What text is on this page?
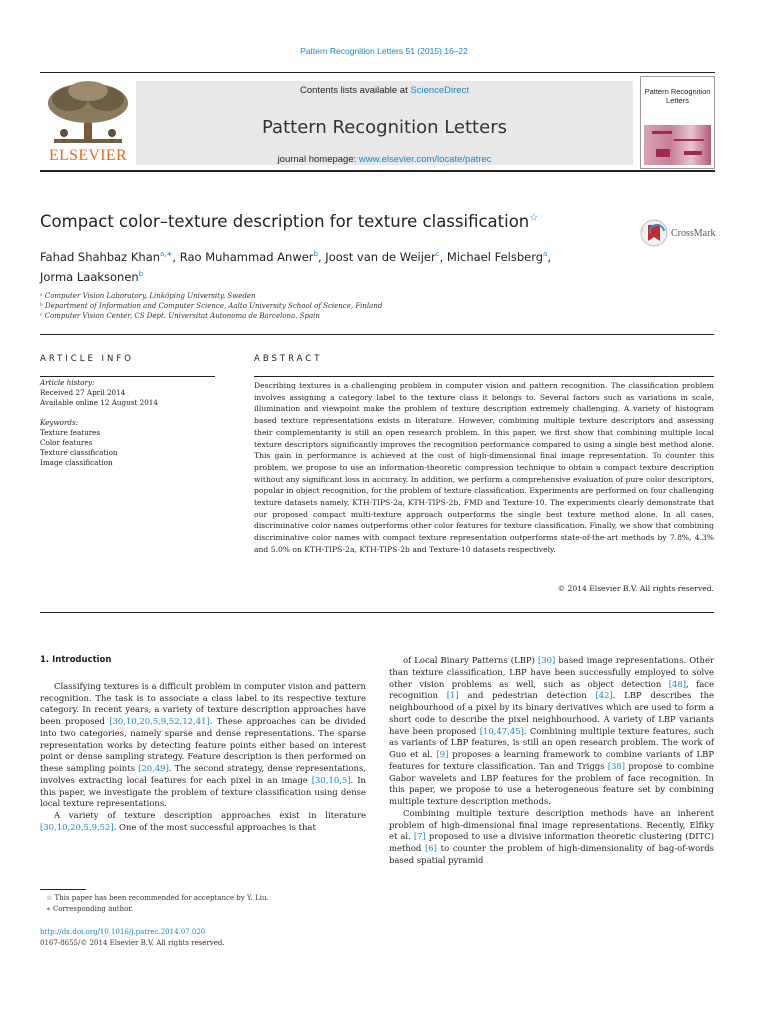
Pattern Recognition Letters 51 (2015) 16–22
ELSEVIER
Contents lists available at ScienceDirect
Pattern Recognition Letters
journal homepage: www.elsevier.com/locate/patrec
Pattern Recognition Letters
Compact color–texture description for texture classification☆
CrossMark
Fahad Shahbaz Khan$^{a,∗}$, Rao Muhammad Anwer$^b$, Joost van de Weijer$^c$, Michael Felsberg$^a$,
Jorma Laaksonen$^b$
ᵃ Computer Vision Laboratory, Linköping University, Sweden
ᵇ Department of Information and Computer Science, Aalto University School of Science, Finland
ᶜ Computer Vision Center, CS Dept. Universitat Autonoma de Barcelona, Spain
ARTICLE INFO
Article history:
Received 27 April 2014
Available online 12 August 2014
Keywords:
Texture features
Color features
Texture classification
Image classification
ABSTRACT
Describing textures is a challenging problem in computer vision and pattern recognition. The classification problem involves assigning a category label to the texture class it belongs to. Several factors such as variations in scale, illumination and viewpoint make the problem of texture description extremely challenging. A variety of histogram based texture representations exists in literature. However, combining multiple texture descriptors and assessing their complementarity is still an open research problem. In this paper, we first show that combining multiple local texture descriptors significantly improves the recognition performance compared to using a single best method alone. This gain in performance is achieved at the cost of high-dimensional final image representation. To counter this problem, we propose to use an information-theoretic compression technique to obtain a compact texture description without any significant loss in accuracy. In addition, we perform a comprehensive evaluation of pure color descriptors, popular in object recognition, for the problem of texture classification. Experiments are performed on four challenging texture datasets namely, KTH-TIPS-2a, KTH-TIPS-2b, FMD and Texture-10. The experiments clearly demonstrate that our proposed compact multi-texture approach outperforms the single best texture method alone. In all cases, discriminative color names outperforms other color features for texture classification. Finally, we show that combining discriminative color names with compact texture representation outperforms state-of-the-art methods by 7.8%, 4.3% and 5.0% on KTH-TIPS-2a, KTH-TIPS-2b and Texture-10 datasets respectively.
© 2014 Elsevier B.V. All rights reserved.
1. Introduction

Classifying textures is a difficult problem in computer vision and pattern recognition. The task is to associate a class label to its respective texture category. In recent years, a variety of texture description approaches have been proposed [30,10,20,5,9,52,12,41]. These approaches can be divided into two categories, namely sparse and dense representations. The sparse representation works by detecting feature points either based on interest point or dense sampling strategy. Feature description is then performed on these sampling points [20,49]. The second strategy, dense representations, involves extracting local features for each pixel in an image [30,10,5]. In this paper, we investigate the problem of texture classification using dense local texture representations.

A variety of texture description approaches exist in literature [30,10,20,5,9,52]. One of the most successful approaches is that

of Local Binary Patterns (LBP) [30] based image representations. Other than texture classification, LBP have been successfully employed to solve other vision problems as well, such as object detection [48], face recognition [1] and pedestrian detection [42]. LBP describes the neighbourhood of a pixel by its binary derivatives which are used to form a short code to describe the pixel neighbourhood. A variety of LBP variants have been proposed [10,47,45]. Combining multiple texture features, such as variants of LBP features, is still an open research problem. The work of Guo et al. [9] proposes a learning framework to combine variants of LBP features for texture classification. Tan and Triggs [38] propose to combine Gabor wavelets and LBP features for the problem of face recognition. In this paper, we propose to use a heterogeneous feature set by combining multiple texture description methods.

Combining multiple texture description methods have an inherent problem of high-dimensional final image representations. Recently, Elfiky et al. [7] proposed to use a divisive information theoretic clustering (DITC) method [6] to counter the problem of high-dimensionality of bag-of-words based spatial pyramid

☆ This paper has been recommended for acceptance by Y. Liu.
∗ Corresponding author.
http://dx.doi.org/10.1016/j.patrec.2014.07.020
0167-8655/© 2014 Elsevier B.V. All rights reserved.
